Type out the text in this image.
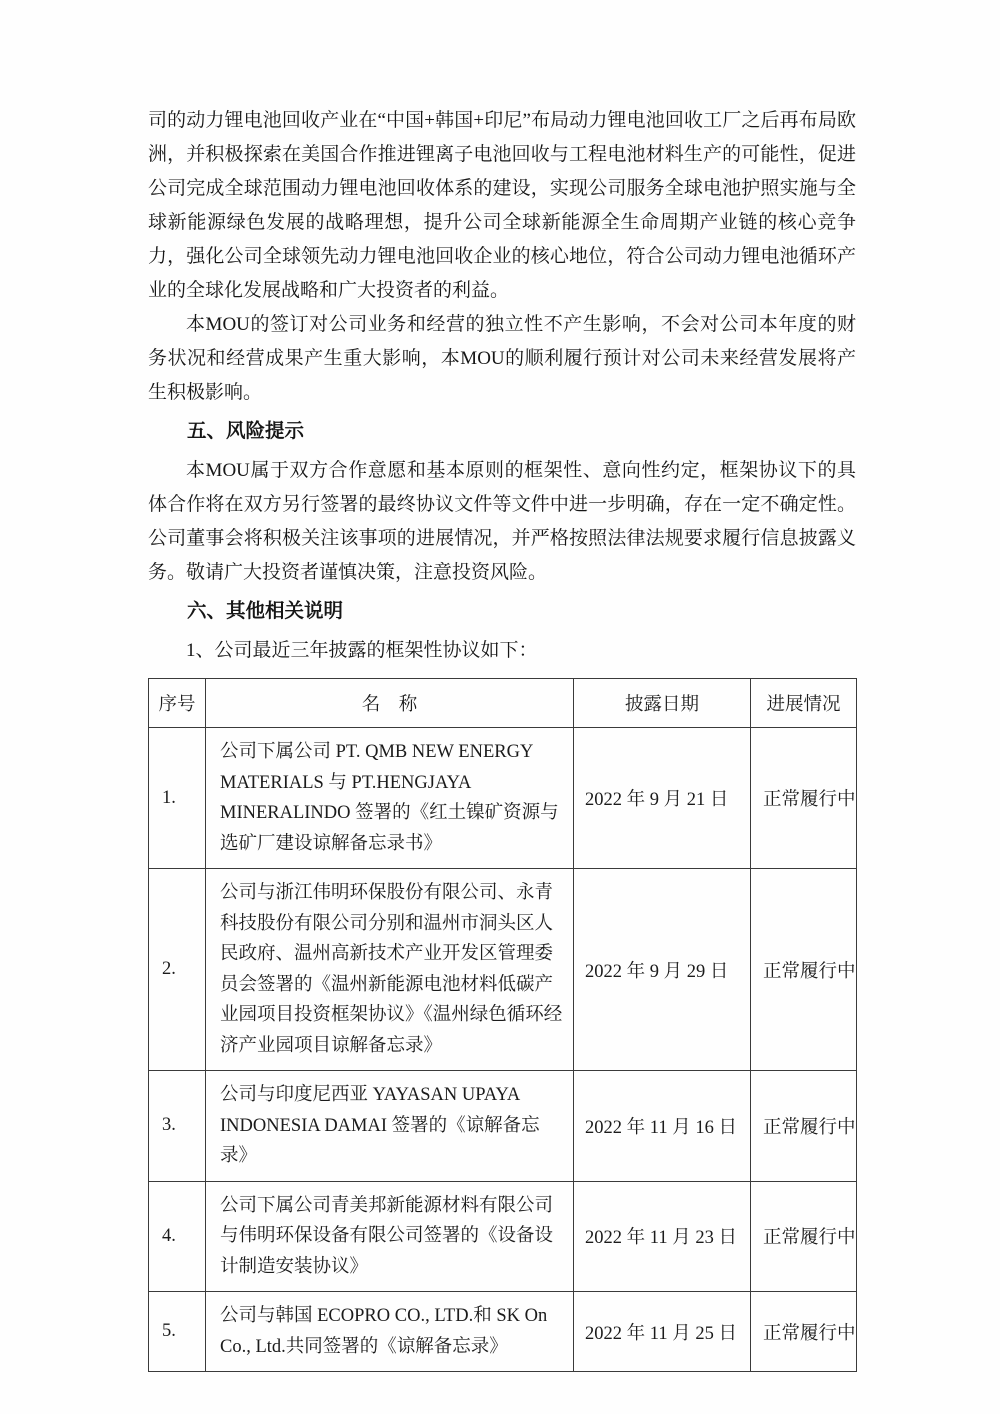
司的动力锂电池回收产业在“中国+韩国+印尼”布局动力锂电池回收工厂之后再布局欧洲，并积极探索在美国合作推进锂离子电池回收与工程电池材料生产的可能性，促进公司完成全球范围动力锂电池回收体系的建设，实现公司服务全球电池护照实施与全球新能源绿色发展的战略理想，提升公司全球新能源全生命周期产业链的核心竞争力，强化公司全球领先动力锂电池回收企业的核心地位，符合公司动力锂电池循环产业的全球化发展战略和广大投资者的利益。

本MOU的签订对公司业务和经营的独立性不产生影响，不会对公司本年度的财务状况和经营成果产生重大影响，本MOU的顺利履行预计对公司未来经营发展将产生积极影响。

五、风险提示

本MOU属于双方合作意愿和基本原则的框架性、意向性约定，框架协议下的具体合作将在双方另行签署的最终协议文件等文件中进一步明确，存在一定不确定性。公司董事会将积极关注该事项的进展情况，并严格按照法律法规要求履行信息披露义务。敬请广大投资者谨慎决策，注意投资风险。

六、其他相关说明

1、公司最近三年披露的框架性协议如下：

序号	名　称	披露日期	进展情况
1.	公司下属公司 PT. QMB NEW ENERGY MATERIALS 与 PT.HENGJAYA MINERALINDO 签署的《红土镍矿资源与选矿厂建设谅解备忘录书》	2022 年 9 月 21 日	正常履行中
2.	公司与浙江伟明环保股份有限公司、永青科技股份有限公司分别和温州市洞头区人民政府、温州高新技术产业开发区管理委员会签署的《温州新能源电池材料低碳产业园项目投资框架协议》《温州绿色循环经济产业园项目谅解备忘录》	2022 年 9 月 29 日	正常履行中
3.	公司与印度尼西亚 YAYASAN UPAYA INDONESIA DAMAI 签署的《谅解备忘录》	2022 年 11 月 16 日	正常履行中
4.	公司下属公司青美邦新能源材料有限公司与伟明环保设备有限公司签署的《设备设计制造安装协议》	2022 年 11 月 23 日	正常履行中
5.	公司与韩国 ECOPRO CO., LTD.和 SK On Co., Ltd.共同签署的《谅解备忘录》	2022 年 11 月 25 日	正常履行中
